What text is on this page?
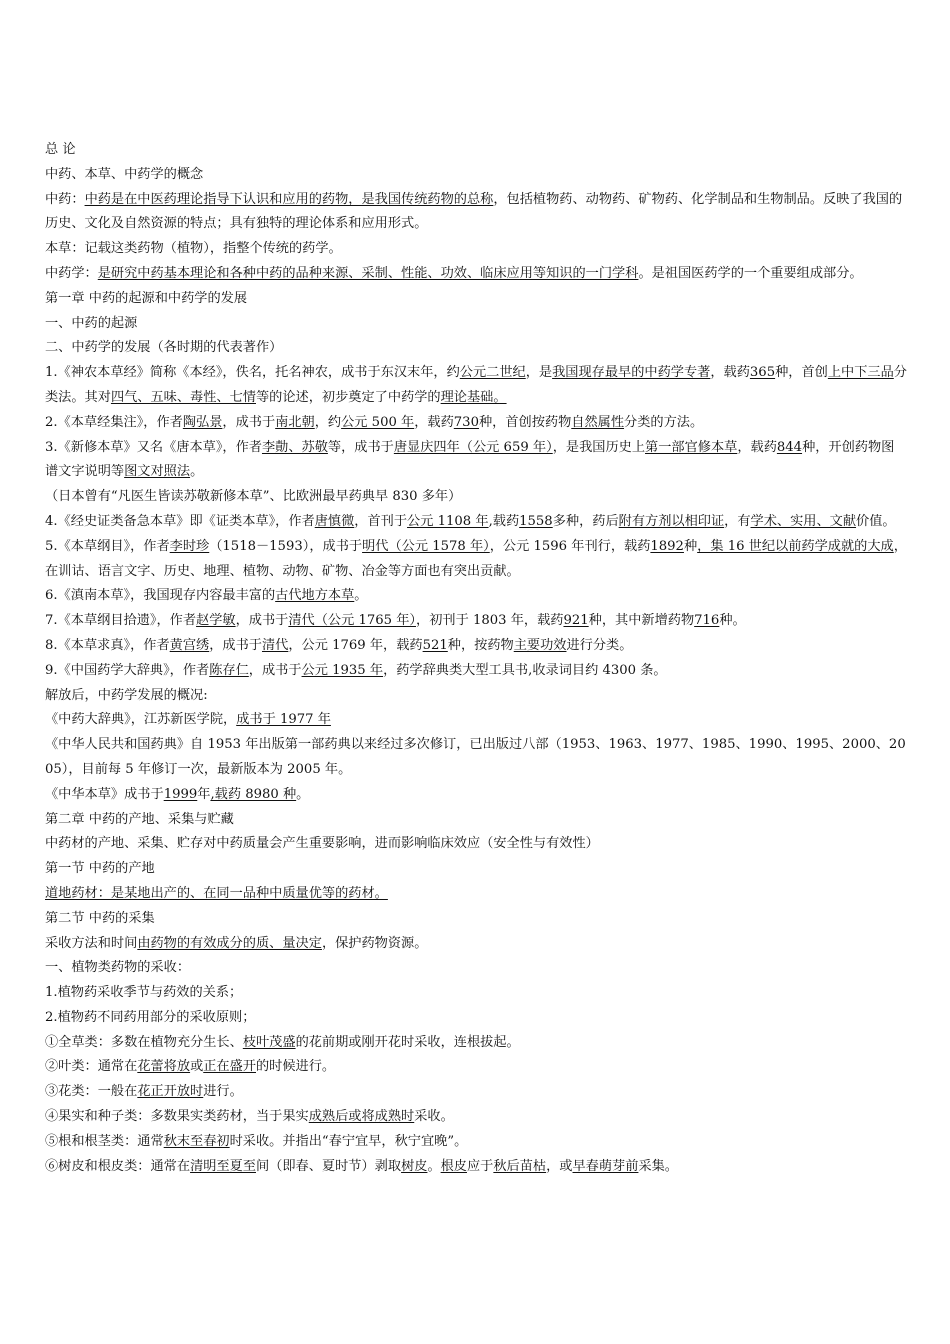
总 论

中药、本草、中药学的概念

中药：中药是在中医药理论指导下认识和应用的药物，是我国传统药物的总称，包括植物药、动物药、矿物药、化学制品和生物制品。反映了我国的历史、文化及自然资源的特点；具有独特的理论体系和应用形式。

本草：记载这类药物（植物），指整个传统的药学。

中药学：是研究中药基本理论和各种中药的品种来源、采制、性能、功效、临床应用等知识的一门学科。是祖国医药学的一个重要组成部分。

第一章 中药的起源和中药学的发展

一、中药的起源

二、中药学的发展（各时期的代表著作）

1.《神农本草经》简称《本经》，佚名，托名神农，成书于东汉末年，约公元二世纪，是我国现存最早的中药学专著，载药365种，首创上中下三品分类法。其对四气、五味、毒性、七情等的论述，初步奠定了中药学的理论基础。

2.《本草经集注》，作者陶弘景，成书于南北朝，约公元 500 年，载药730种，首创按药物自然属性分类的方法。

3.《新修本草》又名《唐本草》，作者李勣、苏敬等，成书于唐显庆四年（公元 659 年），是我国历史上第一部官修本草，载药844种，开创药物图谱文字说明等图文对照法。

（日本曾有“凡医生皆读苏敬新修本草”、比欧洲最早药典早 830 多年）

4.《经史证类备急本草》即《证类本草》，作者唐慎微，首刊于公元 1108 年,载药1558多种，药后附有方剂以相印证，有学术、实用、文献价值。

5.《本草纲目》，作者李时珍（1518－1593），成书于明代（公元 1578 年），公元 1596 年刊行，载药1892种，集 16 世纪以前药学成就的大成，在训诂、语言文字、历史、地理、植物、动物、矿物、冶金等方面也有突出贡献。

6.《滇南本草》，我国现存内容最丰富的古代地方本草。

7.《本草纲目拾遗》，作者赵学敏，成书于清代（公元 1765 年），初刊于 1803 年，载药921种，其中新增药物716种。

8.《本草求真》，作者黄宫绣，成书于清代，公元 1769 年，载药521种，按药物主要功效进行分类。

9.《中国药学大辞典》，作者陈存仁，成书于公元 1935 年，药学辞典类大型工具书,收录词目约 4300 条。

解放后，中药学发展的概况:

《中药大辞典》，江苏新医学院，成书于 1977 年

《中华人民共和国药典》自 1953 年出版第一部药典以来经过多次修订，已出版过八部（1953、1963、1977、1985、1990、1995、2000、2005），目前每 5 年修订一次，最新版本为 2005 年。

《中华本草》成书于1999年,载药 8980 种。

第二章 中药的产地、采集与贮藏

中药材的产地、采集、贮存对中药质量会产生重要影响，进而影响临床效应（安全性与有效性）

第一节 中药的产地

道地药材：是某地出产的、在同一品种中质量优等的药材。

第二节 中药的采集

采收方法和时间由药物的有效成分的质、量决定，保护药物资源。

一、植物类药物的采收：

1.植物药采收季节与药效的关系；

2.植物药不同药用部分的采收原则；

①全草类：多数在植物充分生长、枝叶茂盛的花前期或刚开花时采收，连根拔起。

②叶类：通常在花蕾将放或正在盛开的时候进行。

③花类：一般在花正开放时进行。

④果实和种子类：多数果实类药材，当于果实成熟后或将成熟时采收。

⑤根和根茎类：通常秋末至春初时采收。并指出“春宁宜早，秋宁宜晚”。

⑥树皮和根皮类：通常在清明至夏至间（即春、夏时节）剥取树皮。根皮应于秋后苗枯，或早春萌芽前采集。
